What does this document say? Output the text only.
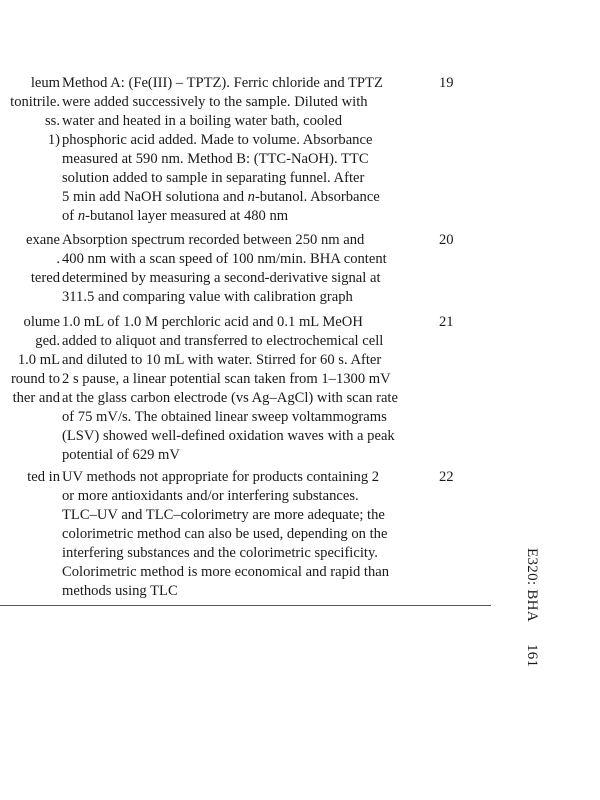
leum
tonitrile.
ss.
1)
Method A: (Fe(III) – TPTZ). Ferric chloride and TPTZ
were added successively to the sample. Diluted with
water and heated in a boiling water bath, cooled
phosphoric acid added. Made to volume. Absorbance
measured at 590 nm. Method B: (TTC-NaOH). TTC
solution added to sample in separating funnel. After
5 min add NaOH solutiona and n-butanol. Absorbance
of n-butanol layer measured at 480 nm
19
exane
.
tered
Absorption spectrum recorded between 250 nm and
400 nm with a scan speed of 100 nm/min. BHA content
determined by measuring a second-derivative signal at
311.5 and comparing value with calibration graph
20
olume
ged.
1.0 mL
round to
ther and
1.0 mL of 1.0 M perchloric acid and 0.1 mL MeOH
added to aliquot and transferred to electrochemical cell
and diluted to 10 mL with water. Stirred for 60 s. After
2 s pause, a linear potential scan taken from 1–1300 mV
at the glass carbon electrode (vs Ag–AgCl) with scan rate
of 75 mV/s. The obtained linear sweep voltammograms
(LSV) showed well-defined oxidation waves with a peak
potential of 629 mV
21
ted in UV methods not appropriate for products containing 2
or more antioxidants and/or interfering substances.
TLC–UV and TLC–colorimetry are more adequate; the
colorimetric method can also be used, depending on the
interfering substances and the colorimetric specificity.
Colorimetric method is more economical and rapid than
methods using TLC
22
E320: BHA161
